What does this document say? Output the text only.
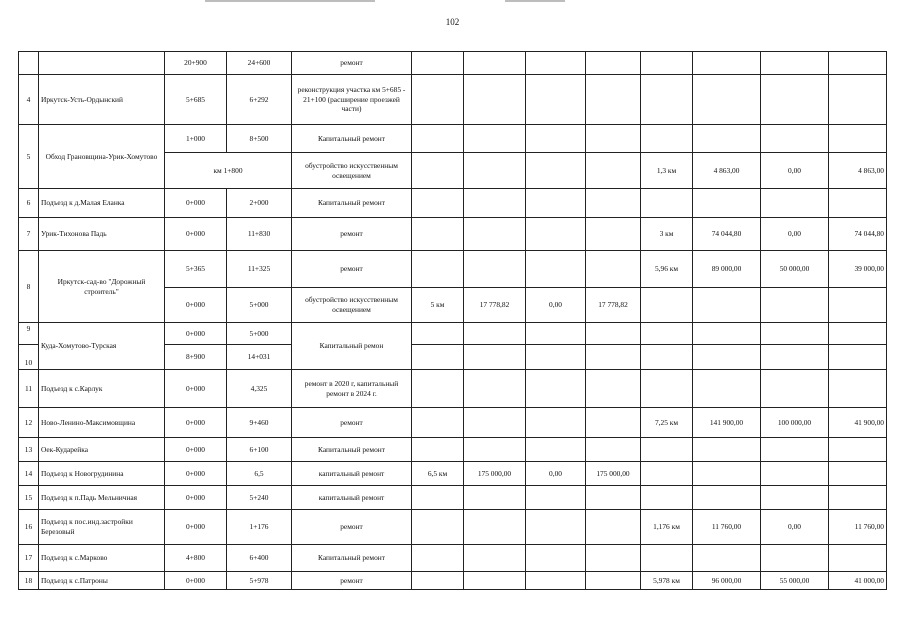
102
		20+900	24+600	ремонт								
4	Иркутск-Усть-Ордынский	5+685	6+292	реконструкция участка км 5+685 - 21+100 (расширение проезжей части)								
5	Обход Грановщина-Урик-Хомутово	1+000	8+500	Капитальный ремонт								
		км 1+800		обустройство искусственным освещением					1,3 км	4 863,00	0,00	4 863,00
6	Подъезд к д.Малая Еланка	0+000	2+000	Капитальный ремонт								
7	Урик-Тихонова Падь	0+000	11+830	ремонт					3 км	74 044,80	0,00	74 044,80
8	Иркутск-сад-во "Дорожный строитель"	5+365	11+325	ремонт					5,96 км	89 000,00	50 000,00	39 000,00
		0+000	5+000	обустройство искусственным освещением	5 км	17 778,82	0,00	17 778,82				
9	Куда-Хомутово-Турская	0+000	5+000	Капитальный ремон								
10		8+900	14+031									
11	Подъезд к с.Карлук	0+000	4,325	ремонт в 2020 г, капитальный ремонт в 2024 г.								
12	Ново-Ленино-Максимовщина	0+000	9+460	ремонт					7,25 км	141 900,00	100 000,00	41 900,00
13	Оек-Кударейка	0+000	6+100	Капитальный ремонт								
14	Подъезд к Новогрудинина	0+000	6,5	капитальный ремонт	6,5 км	175 000,00	0,00	175 000,00				
15	Подъезд к п.Падь Мельничная	0+000	5+240	капитальный ремонт								
16	Подъезд к пос.инд.застройки Березовый	0+000	1+176	ремонт					1,176 км	11 760,00	0,00	11 760,00
17	Подъезд к с.Марково	4+800	6+400	Капитальный ремонт								
18	Подъезд к с.Патроны	0+000	5+978	ремонт					5,978 км	96 000,00	55 000,00	41 000,00
